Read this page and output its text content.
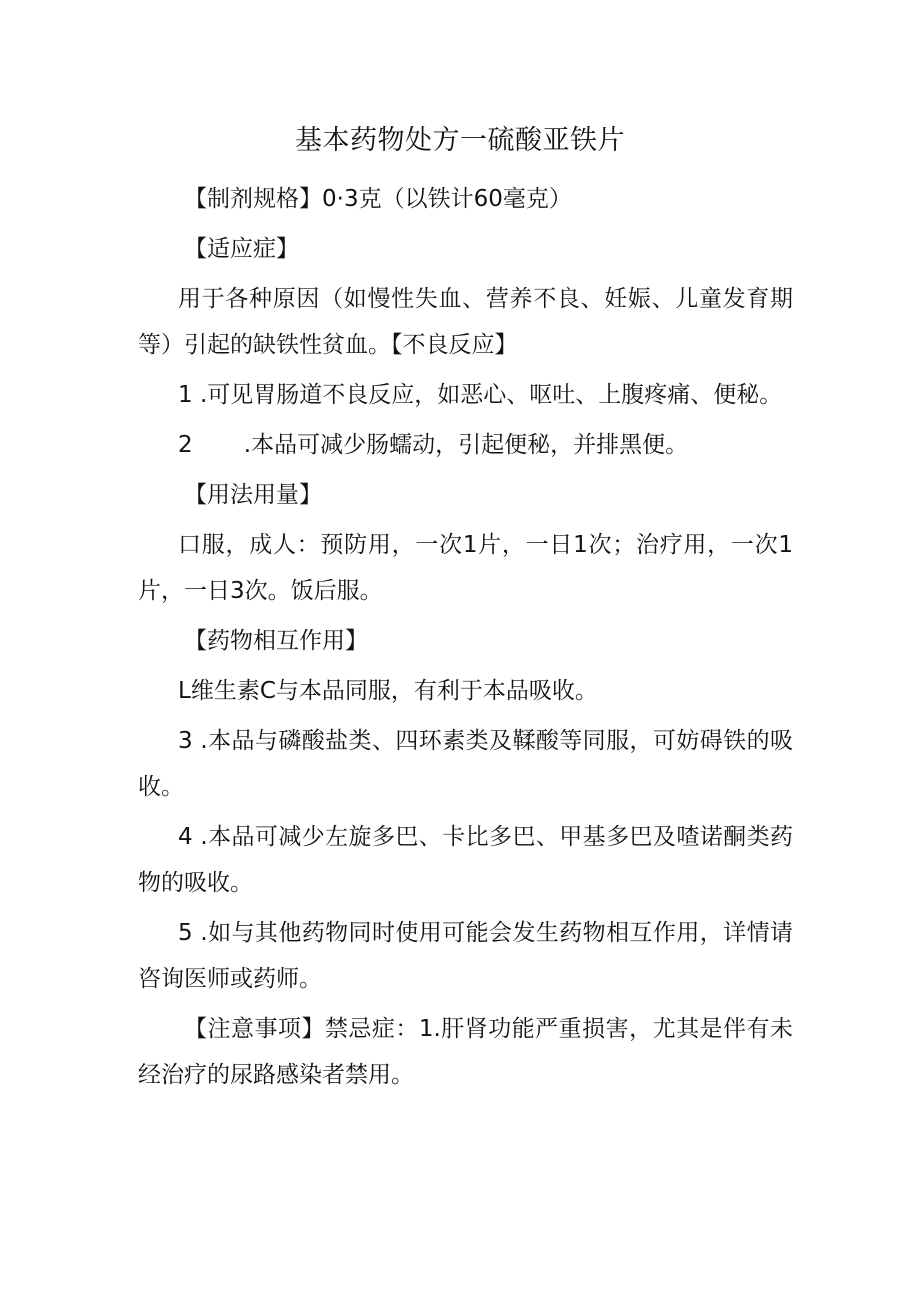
基本药物处方一硫酸亚铁片

【制剂规格】0·3克（以铁计60毫克）

【适应症】

用于各种原因（如慢性失血、营养不良、妊娠、儿童发育期等）引起的缺铁性贫血。【不良反应】

1 .可见胃肠道不良反应，如恶心、呕吐、上腹疼痛、便秘。

2       .本品可减少肠蠕动，引起便秘，并排黑便。

【用法用量】

口服，成人：预防用，一次1片，一日1次；治疗用，一次1片，一日3次。饭后服。

【药物相互作用】

L维生素C与本品同服，有利于本品吸收。

3 .本品与磷酸盐类、四环素类及鞣酸等同服，可妨碍铁的吸收。

4 .本品可减少左旋多巴、卡比多巴、甲基多巴及喳诺酮类药物的吸收。

5 .如与其他药物同时使用可能会发生药物相互作用，详情请咨询医师或药师。

【注意事项】禁忌症：1.肝肾功能严重损害，尤其是伴有未经治疗的尿路感染者禁用。
